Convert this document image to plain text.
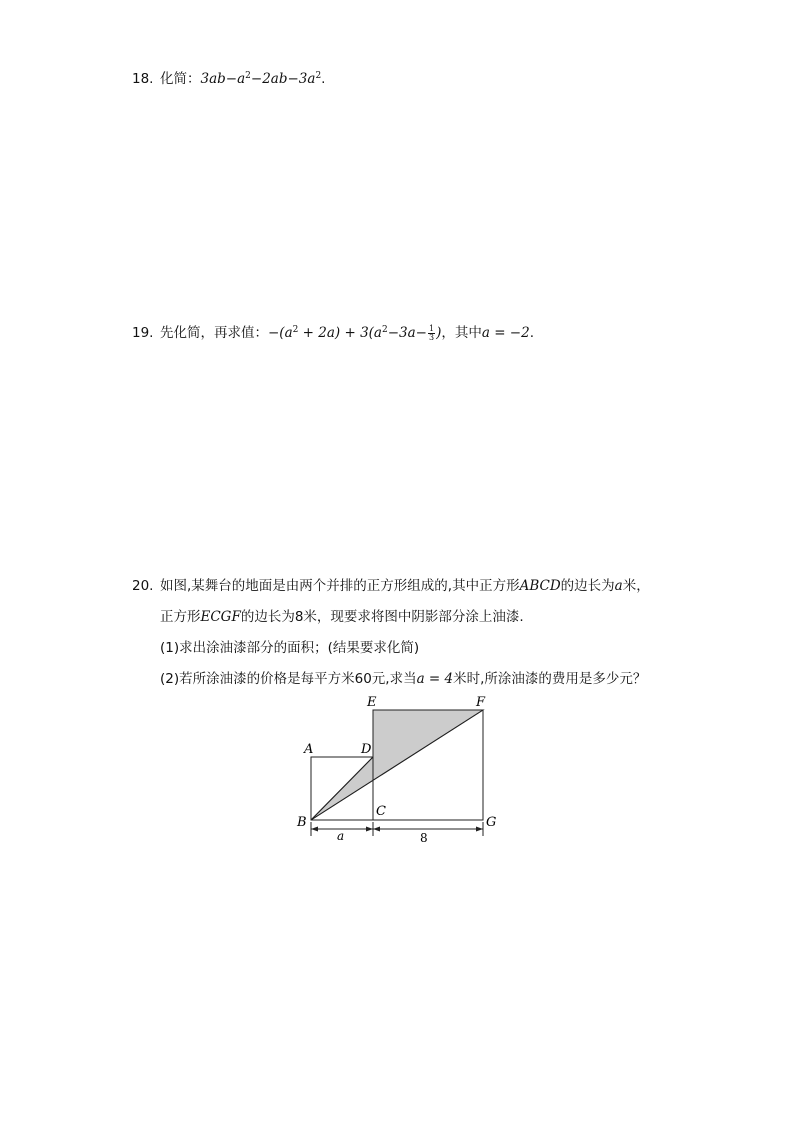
18. 化简：$3ab-a^2-2ab-3a^2$.
19. 先化简，再求值：$-(a^2 + 2a) + 3(a^2-3a- \frac{1}{3}$ )，其中a = −2.
20. 如图,某舞台的地面是由两个并排的正方形组成的,其中正方形ABCD的边长为a米，
正方形ECGF的边长为8米，现要求将图中阴影部分涂上油漆.
(1)求出涂油漆部分的面积；(结果要求化简)
(2)若所涂油漆的价格是每平方米60元,求当a = 4米时,所涂油漆的费用是多少元？
A
B
C
D
E	F
G
a	8
